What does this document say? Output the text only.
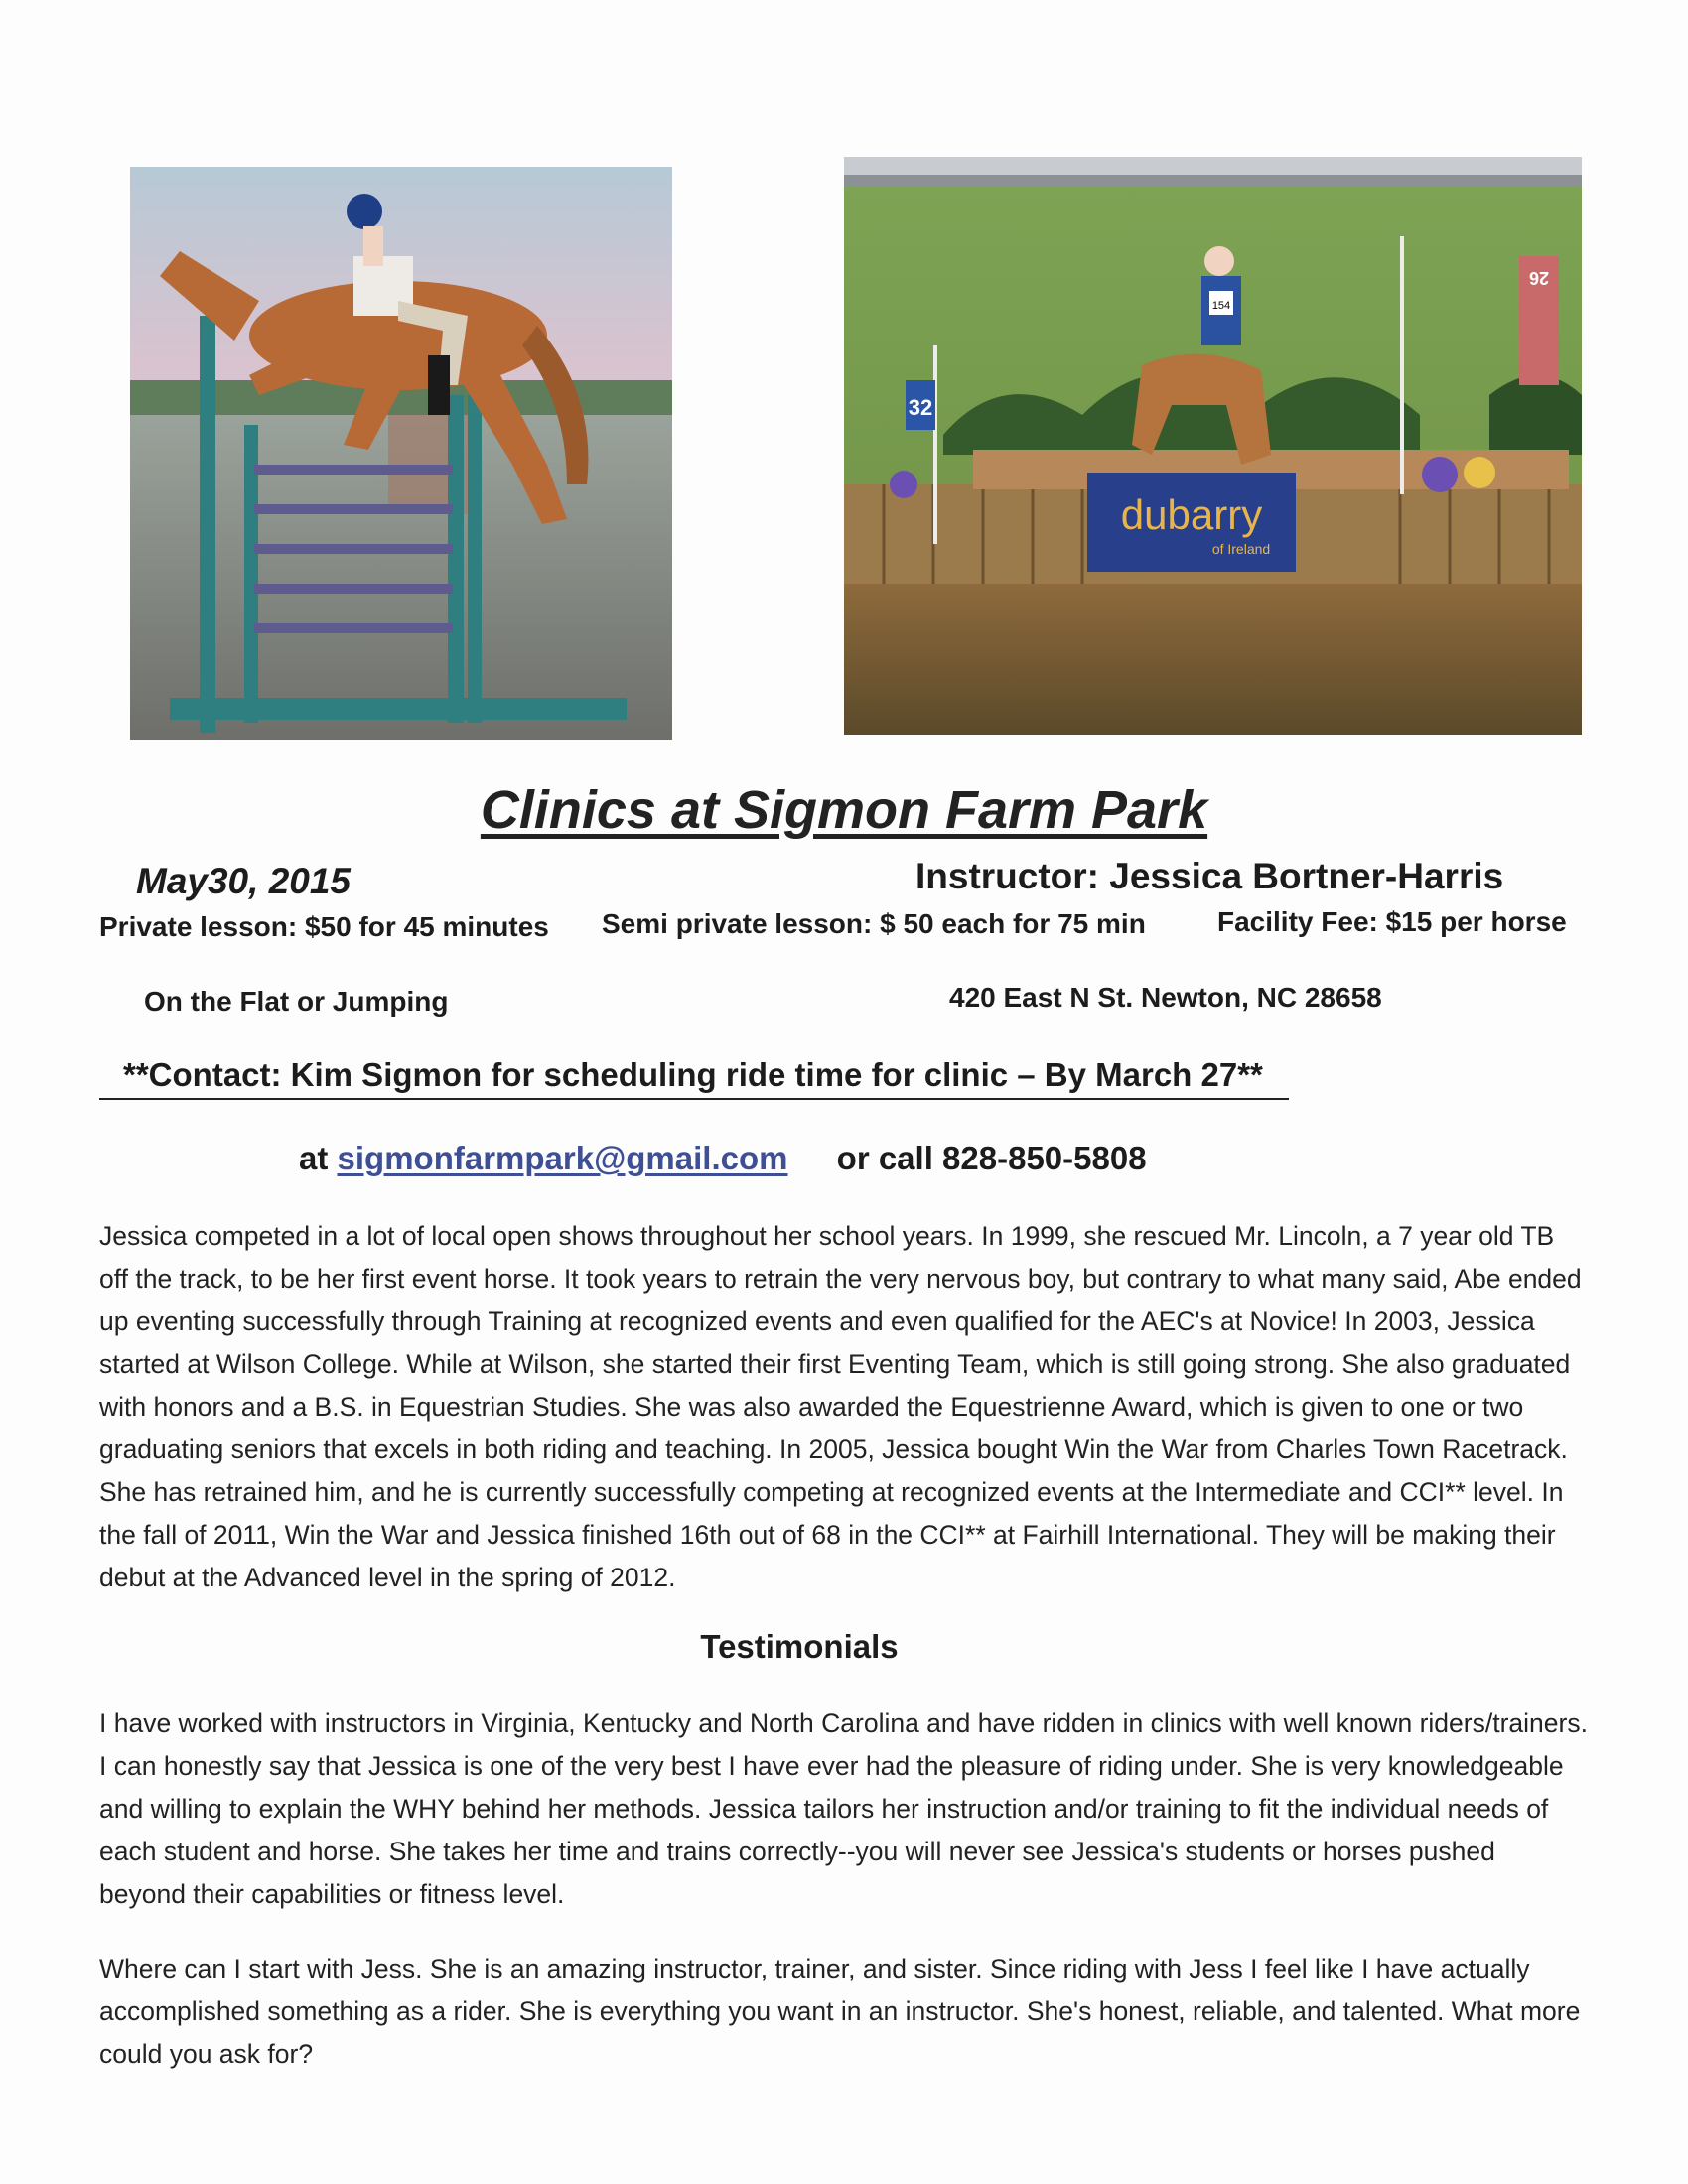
dubarry
of Ireland
32
26
154
Clinics at Sigmon Farm Park
May30, 2015	Instructor: Jessica Bortner-Harris
Private lesson: $50 for 45 minutes Semi private lesson: $ 50 each for 75 min	Facility Fee: $15 per horse
On the Flat or Jumping	420 East N St. Newton, NC 28658
**Contact: Kim Sigmon for scheduling ride time for clinic – By March 27**
at sigmonfarmpark@gmail.com or call 828-850-5808
Jessica competed in a lot of local open shows throughout her school years. In 1999, she rescued Mr. Lincoln, a 7 year old TB off the track, to be her first event horse. It took years to retrain the very nervous boy, but contrary to what many said, Abe ended up eventing successfully through Training at recognized events and even qualified for the AEC's at Novice! In 2003, Jessica started at Wilson College. While at Wilson, she started their first Eventing Team, which is still going strong. She also graduated with honors and a B.S. in Equestrian Studies. She was also awarded the Equestrienne Award, which is given to one or two graduating seniors that excels in both riding and teaching. In 2005, Jessica bought Win the War from Charles Town Racetrack. She has retrained him, and he is currently successfully competing at recognized events at the Intermediate and CCI** level. In the fall of 2011, Win the War and Jessica finished 16th out of 68 in the CCI** at Fairhill International. They will be making their debut at the Advanced level in the spring of 2012.
Testimonials
I have worked with instructors in Virginia, Kentucky and North Carolina and have ridden in clinics with well known riders/trainers. I can honestly say that Jessica is one of the very best I have ever had the pleasure of riding under. She is very knowledgeable and willing to explain the WHY behind her methods. Jessica tailors her instruction and/or training to fit the individual needs of each student and horse. She takes her time and trains correctly--you will never see Jessica's students or horses pushed beyond their capabilities or fitness level.
Where can I start with Jess. She is an amazing instructor, trainer, and sister. Since riding with Jess I feel like I have actually accomplished something as a rider. She is everything you want in an instructor. She's honest, reliable, and talented. What more could you ask for?
